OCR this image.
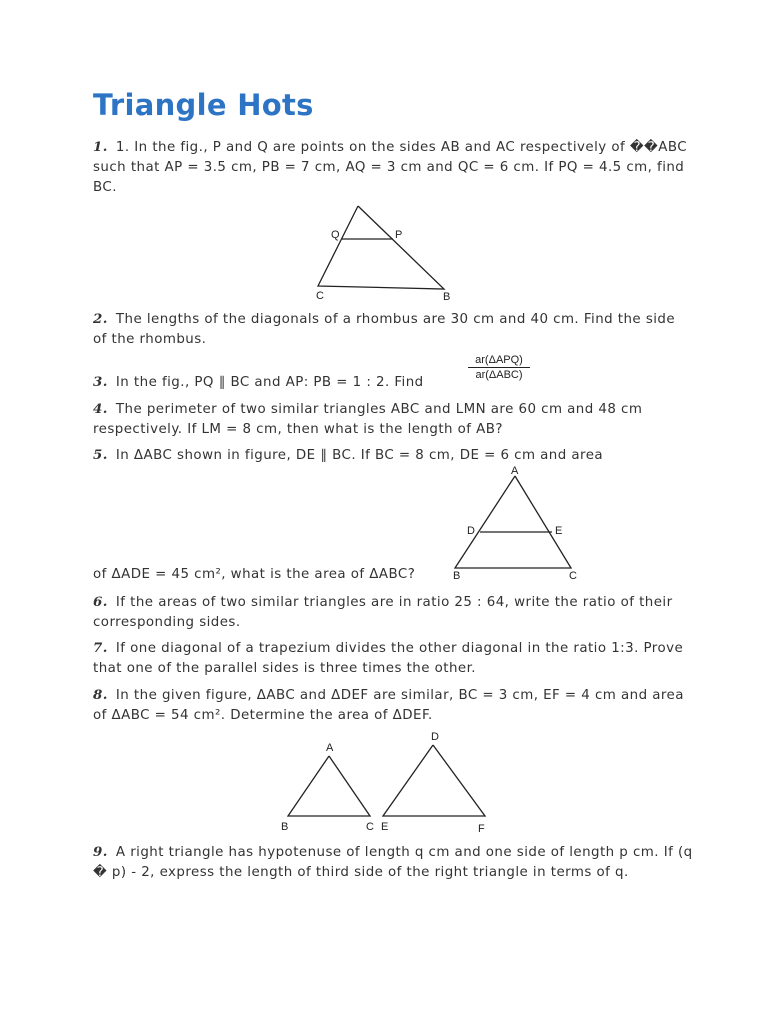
Triangle Hots

1. 1. In the fig., P and Q are points on the sides AB and AC respectively of ��ABC such that AP = 3.5 cm, PB = 7 cm, AQ = 3 cm and QC = 6 cm. If PQ = 4.5 cm, find BC.

Q	P
C	B

2. The lengths of the diagonals of a rhombus are 30 cm and 40 cm. Find the side of the rhombus.

3. In the fig., PQ ∥ BC and AP: PB = 1 : 2. Find

ar(ΔAPQ)
ar(ΔABC)

4. The perimeter of two similar triangles ABC and LMN are 60 cm and 48 cm respectively. If LM = 8 cm, then what is the length of AB?

5. In ΔABC shown in figure, DE ∥ BC. If BC = 8 cm, DE = 6 cm and area

A
D	E
B	C

of ΔADE = 45 cm², what is the area of ΔABC?

6. If the areas of two similar triangles are in ratio 25 : 64, write the ratio of their corresponding sides.

7. If one diagonal of a trapezium divides the other diagonal in the ratio 1:3. Prove that one of the parallel sides is three times the other.

8. In the given figure, ΔABC and ΔDEF are similar, BC = 3 cm, EF = 4 cm and area of ΔABC = 54 cm². Determine the area of ΔDEF.

A
B	C
D
E	F

9. A right triangle has hypotenuse of length q cm and one side of length p cm. If (q � p) - 2, express the length of third side of the right triangle in terms of q.
